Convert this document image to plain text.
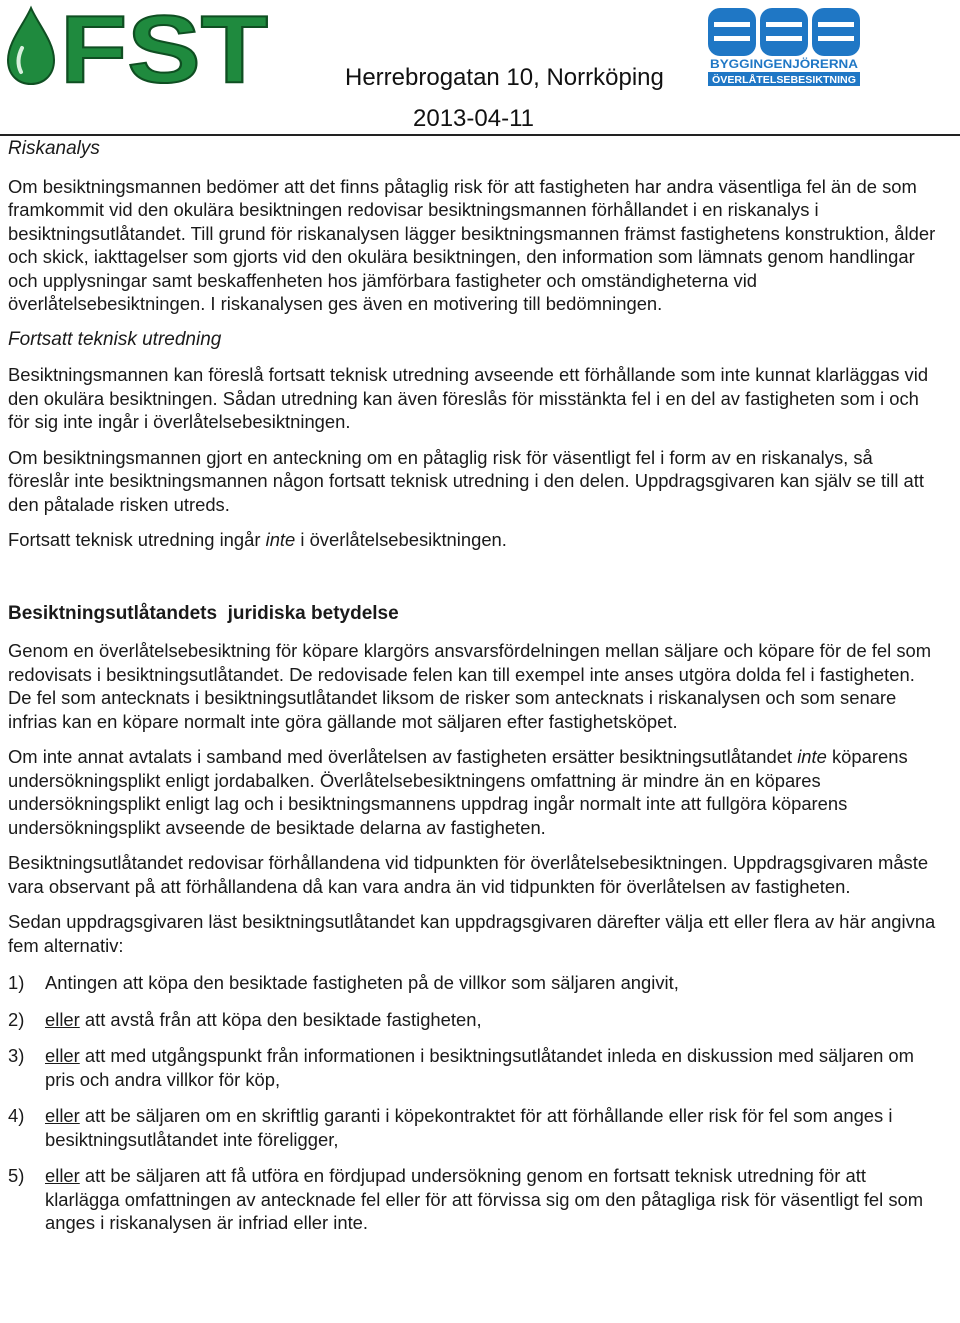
FST	Herrebrogatan 10, Norrköping
2013-04-11
BYGGINGENJÖRERNA
ÖVERLÅTELSEBESIKTNING

Riskanalys

Om besiktningsmannen bedömer att det finns påtaglig risk för att fastigheten har andra väsentliga fel än de som framkommit vid den okulära besiktningen redovisar besiktningsmannen förhållandet i en riskanalys i besiktningsutlåtandet. Till grund för riskanalysen lägger besiktningsmannen främst fastighetens konstruktion, ålder och skick, iakttagelser som gjorts vid den okulära besiktningen, den information som lämnats genom handlingar och upplysningar samt beskaffenheten hos jämförbara fastigheter och omständigheterna vid överlåtelsebesiktningen. I riskanalysen ges även en motivering till bedömningen.

Fortsatt teknisk utredning

Besiktningsmannen kan föreslå fortsatt teknisk utredning avseende ett förhållande som inte kunnat klarläggas vid den okulära besiktningen. Sådan utredning kan även föreslås för misstänkta fel i en del av fastigheten som i och för sig inte ingår i överlåtelsebesiktningen.

Om besiktningsmannen gjort en anteckning om en påtaglig risk för väsentligt fel i form av en riskanalys, så föreslår inte besiktningsmannen någon fortsatt teknisk utredning i den delen. Uppdragsgivaren kan själv se till att den påtalade risken utreds.

Fortsatt teknisk utredning ingår inte i överlåtelsebesiktningen.

Besiktningsutlåtandets  juridiska betydelse

Genom en överlåtelsebesiktning för köpare klargörs ansvarsfördelningen mellan säljare och köpare för de fel som redovisats i besiktningsutlåtandet. De redovisade felen kan till exempel inte anses utgöra dolda fel i fastigheten. De fel som antecknats i besiktningsutlåtandet liksom de risker som antecknats i riskanalysen och som senare infrias kan en köpare normalt inte göra gällande mot säljaren efter fastighetsköpet.

Om inte annat avtalats i samband med överlåtelsen av fastigheten ersätter besiktningsutlåtandet inte köparens undersökningsplikt enligt jordabalken. Överlåtelsebesiktningens omfattning är mindre än en köpares undersökningsplikt enligt lag och i besiktningsmannens uppdrag ingår normalt inte att fullgöra köparens undersökningsplikt avseende de besiktade delarna av fastigheten.

Besiktningsutlåtandet redovisar förhållandena vid tidpunkten för överlåtelsebesiktningen. Uppdragsgivaren måste vara observant på att förhållandena då kan vara andra än vid tidpunkten för överlåtelsen av fastigheten.

Sedan uppdragsgivaren läst besiktningsutlåtandet kan uppdragsgivaren därefter välja ett eller flera av här angivna fem alternativ:

1) Antingen att köpa den besiktade fastigheten på de villkor som säljaren angivit,
2) eller att avstå från att köpa den besiktade fastigheten,
3) eller att med utgångspunkt från informationen i besiktningsutlåtandet inleda en diskussion med säljaren om pris och andra villkor för köp,
4) eller att be säljaren om en skriftlig garanti i köpekontraktet för att förhållande eller risk för fel som anges i besiktningsutlåtandet inte föreligger,
5) eller att be säljaren att få utföra en fördjupad undersökning genom en fortsatt teknisk utredning för att klarlägga omfattningen av antecknade fel eller för att förvissa sig om den påtagliga risk för väsentligt fel som anges i riskanalysen är infriad eller inte.
